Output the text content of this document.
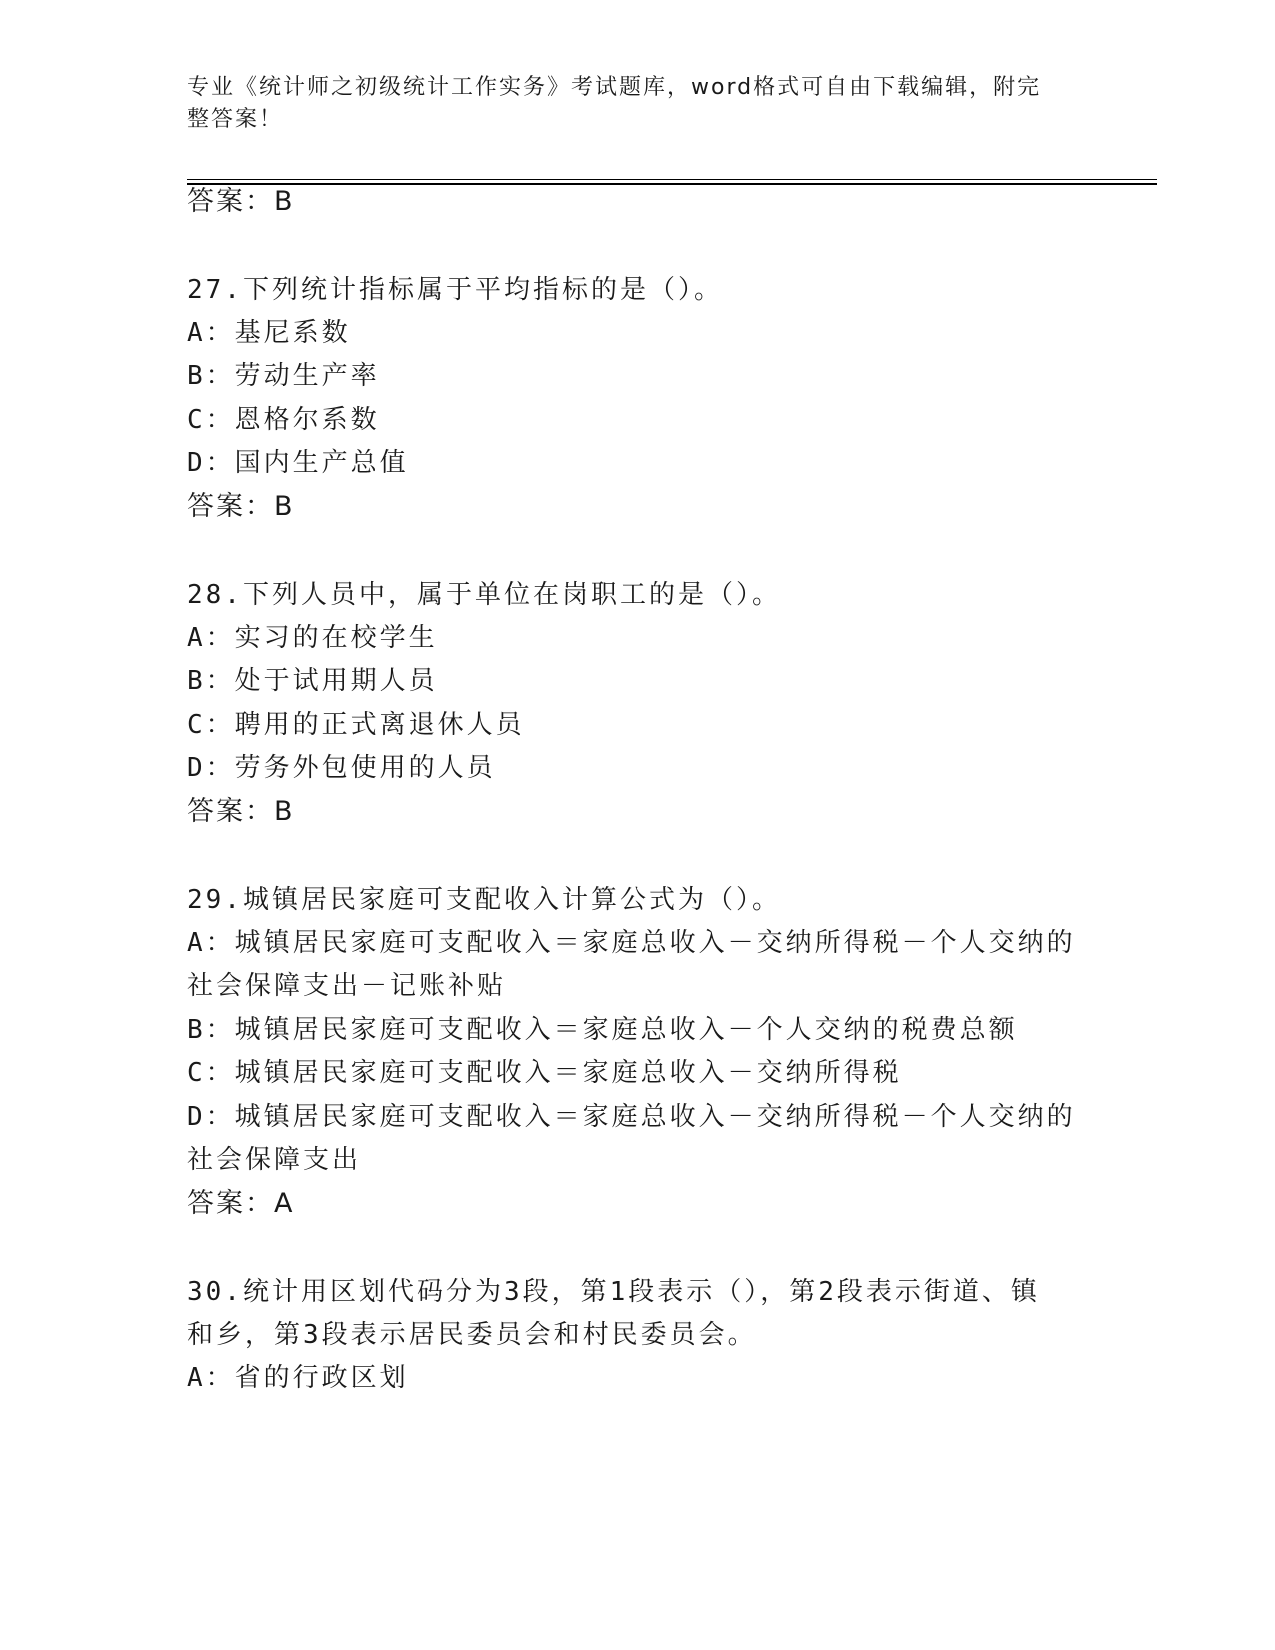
专业《统计师之初级统计工作实务》考试题库，word格式可自由下载编辑，附完
整答案！
答案：B
27.下列统计指标属于平均指标的是（）。
A：基尼系数
B：劳动生产率
C：恩格尔系数
D：国内生产总值
答案：B
28.下列人员中，属于单位在岗职工的是（）。
A：实习的在校学生
B：处于试用期人员
C：聘用的正式离退休人员
D：劳务外包使用的人员
答案：B
29.城镇居民家庭可支配收入计算公式为（）。
A：城镇居民家庭可支配收入＝家庭总收入－交纳所得税－个人交纳的
社会保障支出－记账补贴
B：城镇居民家庭可支配收入＝家庭总收入－个人交纳的税费总额
C：城镇居民家庭可支配收入＝家庭总收入－交纳所得税
D：城镇居民家庭可支配收入＝家庭总收入－交纳所得税－个人交纳的
社会保障支出
答案：A
30.统计用区划代码分为3段，第1段表示（），第2段表示街道、镇
和乡，第3段表示居民委员会和村民委员会。
A：省的行政区划
